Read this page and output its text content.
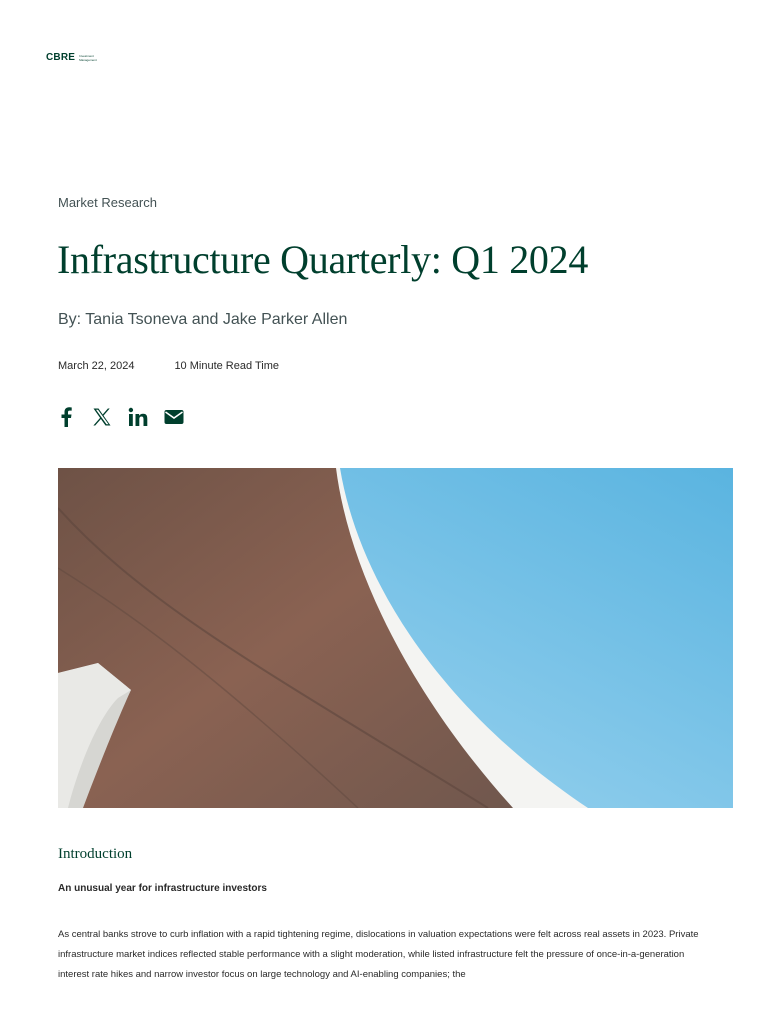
CBRE Investment
Management
Market Research
Infrastructure Quarterly: Q1 2024
By: Tania Tsoneva and Jake Parker Allen
March 22, 2024	10 Minute Read Time
Introduction
An unusual year for infrastructure investors

As central banks strove to curb inflation with a rapid tightening regime, dislocations in valuation expectations were felt across real assets in 2023. Private infrastructure market indices reflected stable performance with a slight moderation, while listed infrastructure felt the pressure of once-in-a-generation interest rate hikes and narrow investor focus on large technology and AI-enabling companies; the
